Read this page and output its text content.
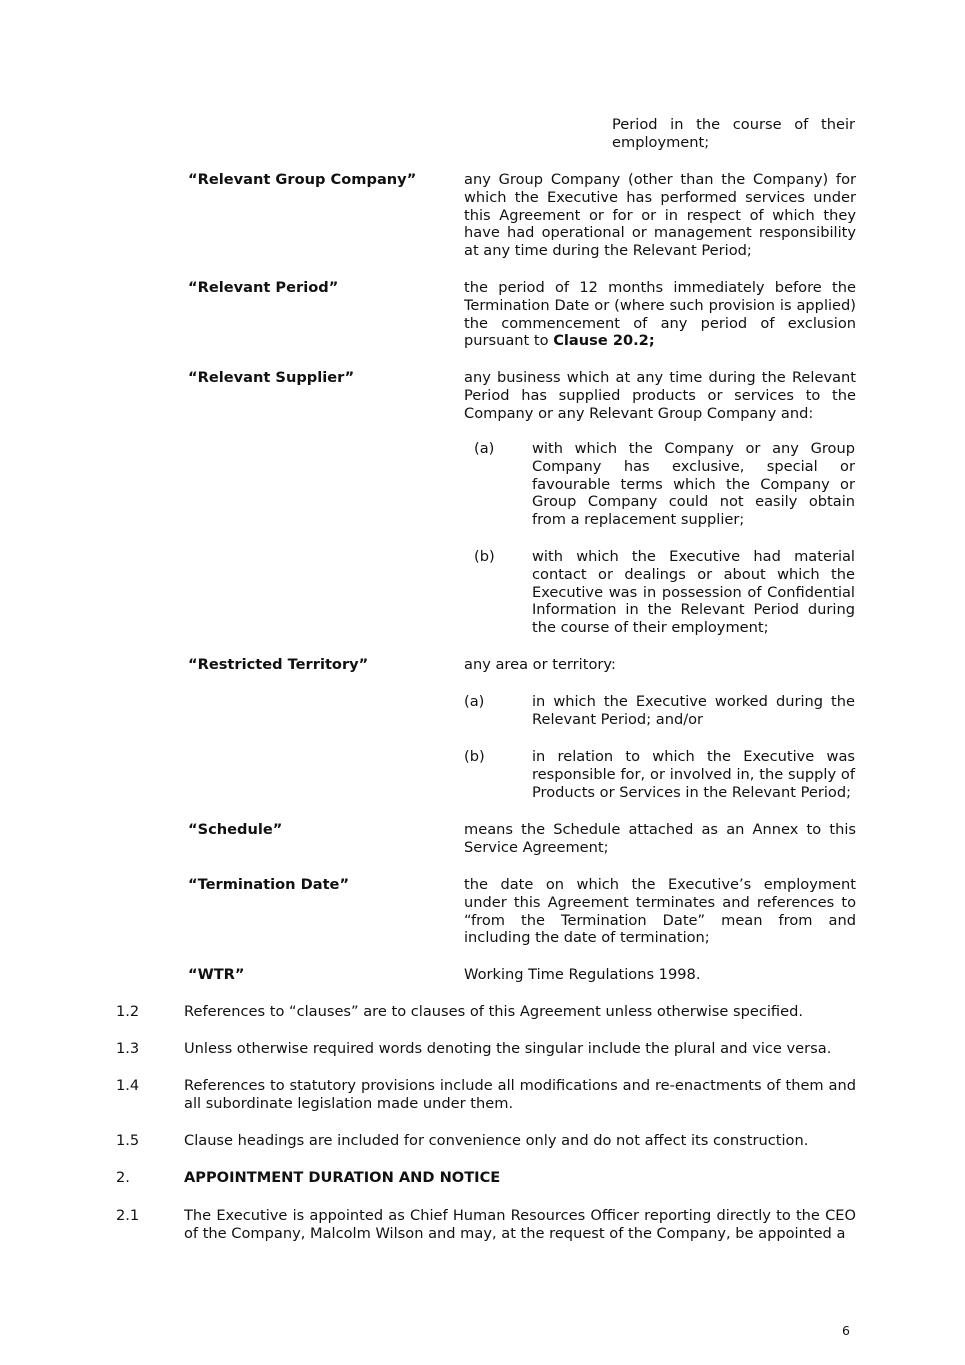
Period in the course of their employment;
“Relevant Group Company”	any Group Company (other than the Company) for which the Executive has performed services under this Agreement or for or in respect of which they have had operational or management responsibility at any time during the Relevant Period;
“Relevant Period”	the period of 12 months immediately before the Termination Date or (where such provision is applied) the commencement of any period of exclusion pursuant to Clause 20.2;
“Relevant Supplier”	any business which at any time during the Relevant Period has supplied products or services to the Company or any Relevant Group Company and:
(a)	with which the Company or any Group Company has exclusive, special or favourable terms which the Company or Group Company could not easily obtain from a replacement supplier;
(b)	with which the Executive had material contact or dealings or about which the Executive was in possession of Confidential Information in the Relevant Period during the course of their employment;
“Restricted Territory”	any area or territory:
(a)	in which the Executive worked during the Relevant Period; and/or
(b)	in relation to which the Executive was responsible for, or involved in, the supply of Products or Services in the Relevant Period;
“Schedule”	means the Schedule attached as an Annex to this Service Agreement;
“Termination Date”	the date on which the Executive’s employment under this Agreement terminates and references to “from the Termination Date” mean from and including the date of termination;
“WTR”	Working Time Regulations 1998.
1.2	References to “clauses” are to clauses of this Agreement unless otherwise specified.
1.3	Unless otherwise required words denoting the singular include the plural and vice versa.
1.4	References to statutory provisions include all modifications and re-enactments of them and all subordinate legislation made under them.
1.5	Clause headings are included for convenience only and do not affect its construction.
2.	APPOINTMENT DURATION AND NOTICE
2.1	The Executive is appointed as Chief Human Resources Officer reporting directly to the CEO of the Company, Malcolm Wilson and may, at the request of the Company, be appointed a
6
